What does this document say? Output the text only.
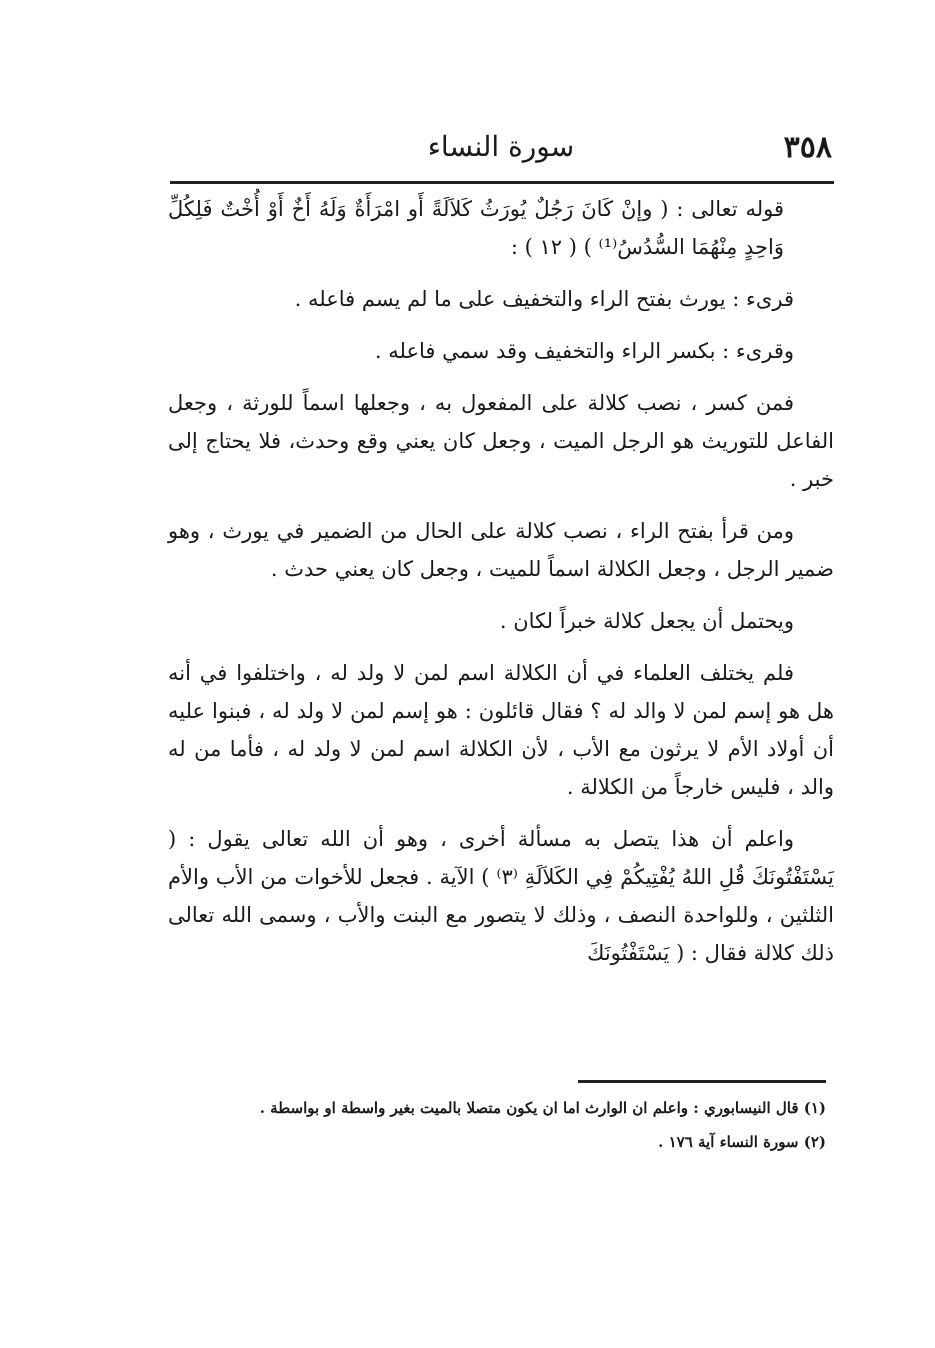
٣٥٨
سورة النساء

قوله تعالى : ( وإنْ كَانَ رَجُلٌ يُورَثُ كَلاَلَةً أَو امْرَأَةٌ وَلَهُ أَخٌ أَوْ أُخْتٌ فَلِكُلِّ وَاحِدٍ مِنْهُمَا السُّدُسُ⁽¹⁾ ) ( ١٢ ) :

قرىء : يورث بفتح الراء والتخفيف على ما لم يسم فاعله .

وقرىء : بكسر الراء والتخفيف وقد سمي فاعله .

فمن كسر ، نصب كلالة على المفعول به ، وجعلها اسماً للورثة ، وجعل الفاعل للتوريث هو الرجل الميت ، وجعل كان يعني وقع وحدث، فلا يحتاج إلى خبر .

ومن قرأ بفتح الراء ، نصب كلالة على الحال من الضمير في يورث ، وهو ضمير الرجل ، وجعل الكلالة اسماً للميت ، وجعل كان يعني حدث .

ويحتمل أن يجعل كلالة خبراً لكان .

فلم يختلف العلماء في أن الكلالة اسم لمن لا ولد له ، واختلفوا في أنه هل هو إسم لمن لا والد له ؟ فقال قائلون : هو إسم لمن لا ولد له ، فبنوا عليه أن أولاد الأم لا يرثون مع الأب ، لأن الكلالة اسم لمن لا ولد له ، فأما من له والد ، فليس خارجاً من الكلالة .

واعلم أن هذا يتصل به مسألة أخرى ، وهو أن الله تعالى يقول : ( يَسْتَفْتُونَكَ قُلِ اللهُ يُفْتِيكُمْ فِي الكَلاَلَةِ ⁽٣⁾ ) الآية . فجعل للأخوات من الأب والأم الثلثين ، وللواحدة النصف ، وذلك لا يتصور مع البنت والأب ، وسمى الله تعالى ذلك كلالة فقال : ( يَسْتَفْتُونَكَ

(١) قال النيسابوري : واعلم ان الوارث اما ان يكون متصلا بالميت بغير واسطة او بواسطة .

(٢) سورة النساء آية ١٧٦ .
